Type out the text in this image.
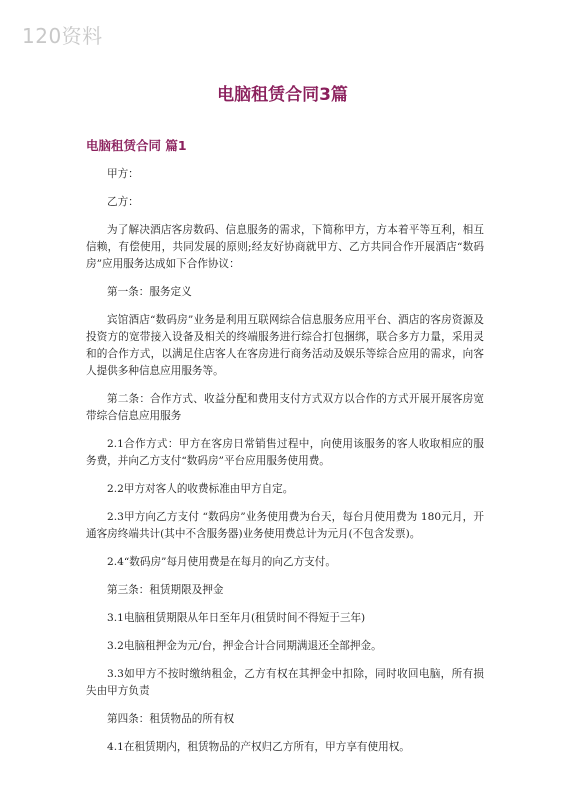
120资料
电脑租赁合同3篇
电脑租赁合同 篇1

甲方：

乙方：

为了解决酒店客房数码、信息服务的需求，下简称甲方，方本着平等互利，相互信赖，有偿使用，共同发展的原则;经友好协商就甲方、乙方共同合作开展酒店“数码房”应用服务达成如下合作协议：

第一条：服务定义

宾馆酒店“数码房”业务是利用互联网综合信息服务应用平台、酒店的客房资源及投资方的宽带接入设备及相关的终端服务进行综合打包捆绑，联合多方力量，采用灵和的合作方式，以满足住店客人在客房进行商务活动及娱乐等综合应用的需求，向客人提供多种信息应用服务等。

第二条：合作方式、收益分配和费用支付方式双方以合作的方式开展开展客房宽带综合信息应用服务

2.1合作方式：甲方在客房日常销售过程中，向使用该服务的客人收取相应的服务费，并向乙方支付“数码房”平台应用服务使用费。

2.2甲方对客人的收费标准由甲方自定。

2.3甲方向乙方支付 “数码房”业务使用费为台天，每台月使用费为 180元月，开通客房终端共计(其中不含服务器)业务使用费总计为元月(不包含发票)。

2.4“数码房”每月使用费是在每月的向乙方支付。

第三条：租赁期限及押金

3.1电脑租赁期限从年日至年月(租赁时间不得短于三年)

3.2电脑租押金为元/台，押金合计合同期满退还全部押金。

3.3如甲方不按时缴纳租金，乙方有权在其押金中扣除，同时收回电脑，所有损失由甲方负责

第四条：租赁物品的所有权

4.1在租赁期内，租赁物品的产权归乙方所有，甲方享有使用权。
